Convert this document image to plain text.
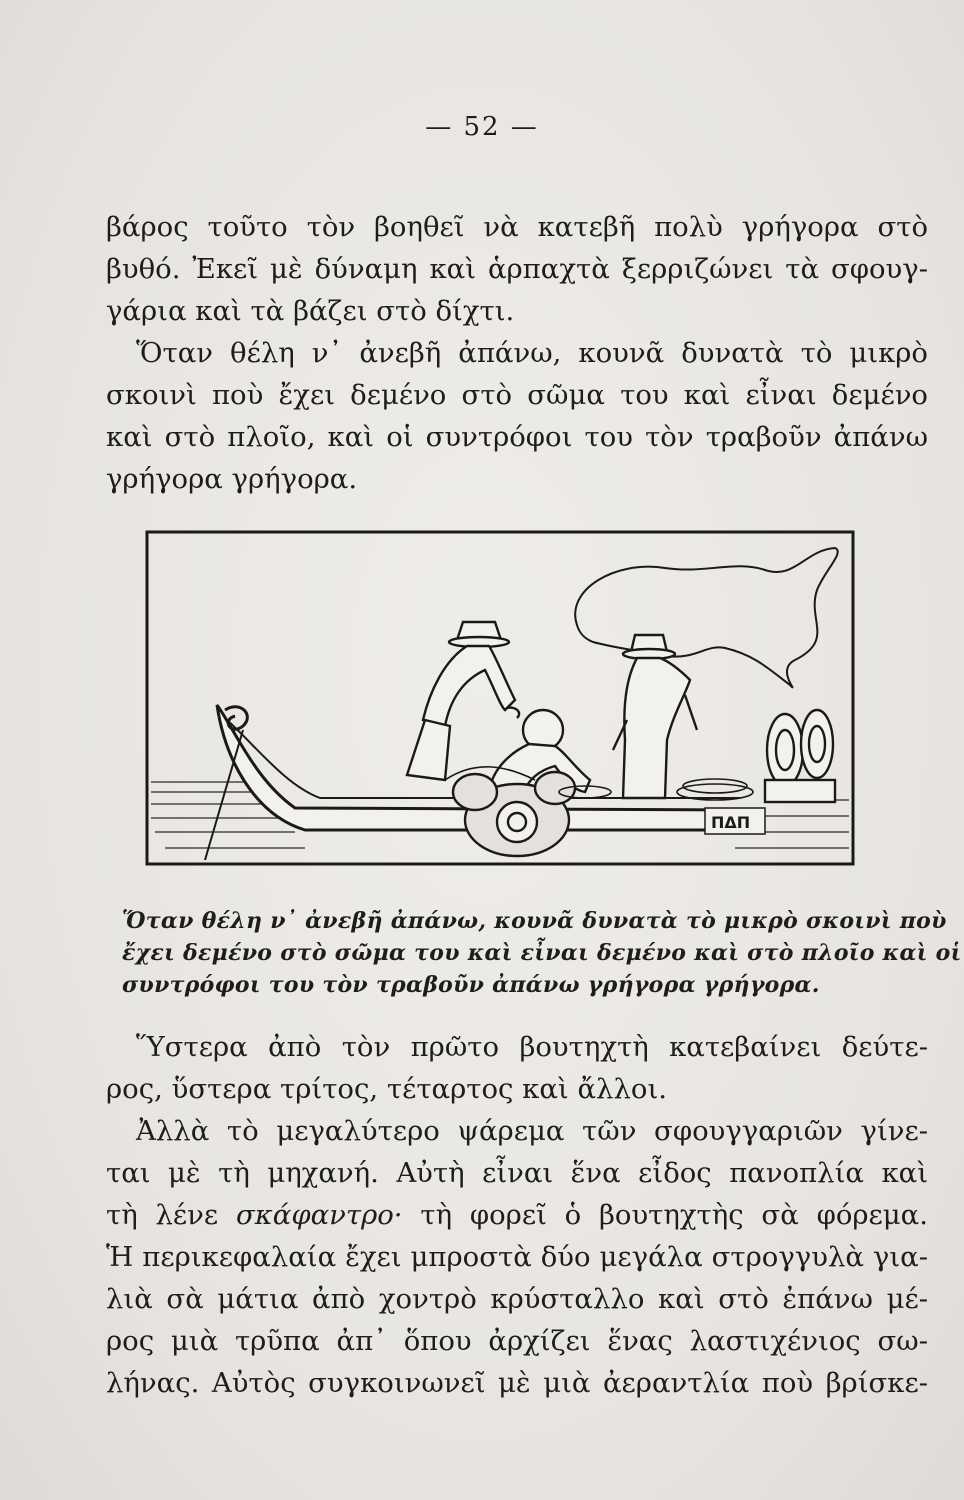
— 52 —

βάρος τοῦτο τὸν βοηθεῖ νὰ κατεβῆ πολὺ γρήγορα στὸ
βυθό. Ἐκεῖ μὲ δύναμη καὶ ἁρπαχτὰ ξερριζώνει τὰ σφουγ-
γάρια καὶ τὰ βάζει στὸ δίχτι.

Ὅταν θέλη ν᾽ ἀνεβῆ ἀπάνω, κουνᾶ δυνατὰ τὸ μικρὸ
σκοινὶ ποὺ ἔχει δεμένο στὸ σῶμα του καὶ εἶναι δεμένο
καὶ στὸ πλοῖο, καὶ οἱ συντρόφοι του τὸν τραβοῦν ἀπάνω
γρήγορα γρήγορα.

ΠΔΠ
Ὅταν θέλη ν᾽ ἀνεβῆ ἀπάνω, κουνᾶ δυνατὰ τὸ μικρὸ σκοινὶ ποὺ
ἔχει δεμένο στὸ σῶμα του καὶ εἶναι δεμένο καὶ στὸ πλοῖο καὶ οἱ
συντρόφοι του τὸν τραβοῦν ἀπάνω γρήγορα γρήγορα.

Ὕστερα ἀπὸ τὸν πρῶτο βουτηχτὴ κατεβαίνει δεύτε-
ρος, ὕστερα τρίτος, τέταρτος καὶ ἄλλοι.

Ἀλλὰ τὸ μεγαλύτερο ψάρεμα τῶν σφουγγαριῶν γίνε-
ται μὲ τὴ μηχανή. Αὐτὴ εἶναι ἕνα εἶδος πανοπλία καὶ
τὴ λένε σκάφαντρο· τὴ φορεῖ ὁ βουτηχτὴς σὰ φόρεμα.
Ἡ περικεφαλαία ἔχει μπροστὰ δύο μεγάλα στρογγυλὰ για-
λιὰ σὰ μάτια ἀπὸ χοντρὸ κρύσταλλο καὶ στὸ ἐπάνω μέ-
ρος μιὰ τρῦπα ἀπ᾽ ὅπου ἀρχίζει ἕνας λαστιχένιος σω-
λήνας. Αὐτὸς συγκοινωνεῖ μὲ μιὰ ἀεραντλία ποὺ βρίσκε-
